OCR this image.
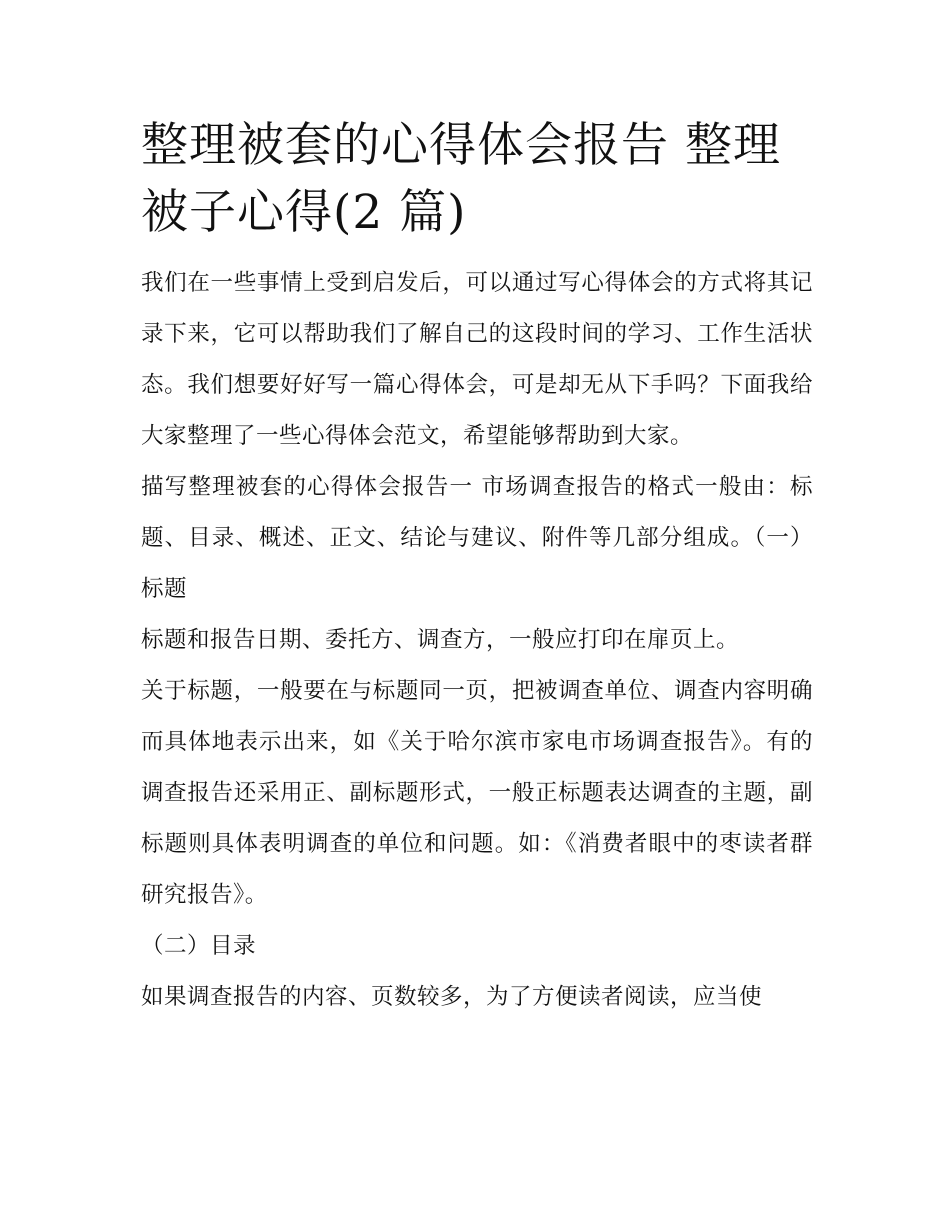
整理被套的心得体会报告 整理被子心得(2 篇)

我们在一些事情上受到启发后，可以通过写心得体会的方式将其记录下来，它可以帮助我们了解自己的这段时间的学习、工作生活状态。我们想要好好写一篇心得体会，可是却无从下手吗？下面我给大家整理了一些心得体会范文，希望能够帮助到大家。

描写整理被套的心得体会报告一 市场调查报告的格式一般由：标题、目录、概述、正文、结论与建议、附件等几部分组成。（一）标题

标题和报告日期、委托方、调查方，一般应打印在扉页上。

关于标题，一般要在与标题同一页，把被调查单位、调查内容明确而具体地表示出来，如《关于哈尔滨市家电市场调查报告》。有的调查报告还采用正、副标题形式，一般正标题表达调查的主题，副标题则具体表明调查的单位和问题。如：《消费者眼中的枣读者群研究报告》。

（二）目录

如果调查报告的内容、页数较多，为了方便读者阅读，应当使
